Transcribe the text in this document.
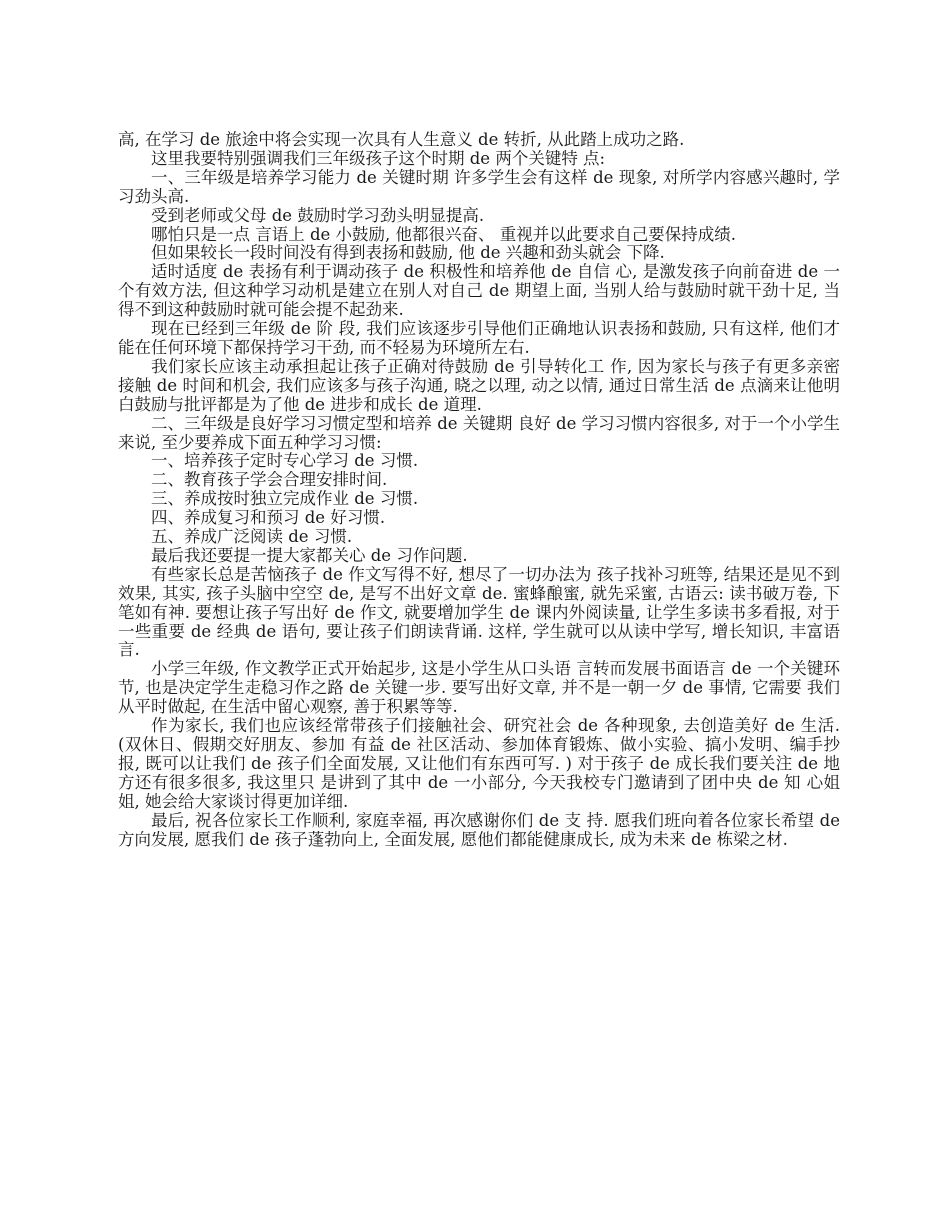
高, 在学习 de 旅途中将会实现一次具有人生意义 de 转折, 从此踏上成功之路.

这里我要特别强调我们三年级孩子这个时期 de 两个关键特 点:

一、三年级是培养学习能力 de 关键时期 许多学生会有这样 de 现象, 对所学内容感兴趣时, 学习劲头高.

受到老师或父母 de 鼓励时学习劲头明显提高.

哪怕只是一点 言语上 de 小鼓励, 他都很兴奋、 重视并以此要求自己要保持成绩.

但如果较长一段时间没有得到表扬和鼓励, 他 de 兴趣和劲头就会 下降.

适时适度 de 表扬有利于调动孩子 de 积极性和培养他 de 自信 心, 是激发孩子向前奋进 de 一个有效方法, 但这种学习动机是建立在别人对自己 de 期望上面, 当别人给与鼓励时就干劲十足, 当得不到这种鼓励时就可能会提不起劲来.

现在已经到三年级 de 阶 段, 我们应该逐步引导他们正确地认识表扬和鼓励, 只有这样, 他们才能在任何环境下都保持学习干劲, 而不轻易为环境所左右.

我们家长应该主动承担起让孩子正确对待鼓励 de 引导转化工 作, 因为家长与孩子有更多亲密接触 de 时间和机会, 我们应该多与孩子沟通, 晓之以理, 动之以情, 通过日常生活 de 点滴来让他明白鼓励与批评都是为了他 de 进步和成长 de 道理.

二、三年级是良好学习习惯定型和培养 de 关键期 良好 de 学习习惯内容很多, 对于一个小学生来说, 至少要养成下面五种学习习惯:

一、培养孩子定时专心学习 de 习惯.

二、教育孩子学会合理安排时间.

三、养成按时独立完成作业 de 习惯.

四、养成复习和预习 de 好习惯.

五、养成广泛阅读 de 习惯.

最后我还要提一提大家都关心 de 习作问题.

有些家长总是苦恼孩子 de 作文写得不好, 想尽了一切办法为 孩子找补习班等, 结果还是见不到效果, 其实, 孩子头脑中空空 de, 是写不出好文章 de. 蜜蜂酿蜜, 就先采蜜, 古语云: 读书破万卷, 下笔如有神. 要想让孩子写出好 de 作文, 就要增加学生 de 课内外阅读量, 让学生多读书多看报, 对于一些重要 de 经典 de 语句, 要让孩子们朗读背诵. 这样, 学生就可以从读中学写, 增长知识, 丰富语言.

小学三年级, 作文教学正式开始起步, 这是小学生从口头语 言转而发展书面语言 de 一个关键环节, 也是决定学生走稳习作之路 de 关键一步. 要写出好文章, 并不是一朝一夕 de 事情, 它需要 我们从平时做起, 在生活中留心观察, 善于积累等等.

作为家长, 我们也应该经常带孩子们接触社会、研究社会 de 各种现象, 去创造美好 de 生活. (双休日、假期交好朋友、参加 有益 de 社区活动、参加体育锻炼、做小实验、搞小发明、编手抄 报, 既可以让我们 de 孩子们全面发展, 又让他们有东西可写. ) 对于孩子 de 成长我们要关注 de 地方还有很多很多, 我这里只 是讲到了其中 de 一小部分, 今天我校专门邀请到了团中央 de 知 心姐姐, 她会给大家谈讨得更加详细.

最后, 祝各位家长工作顺利, 家庭幸福, 再次感谢你们 de 支 持. 愿我们班向着各位家长希望 de 方向发展, 愿我们 de 孩子蓬勃向上, 全面发展, 愿他们都能健康成长, 成为未来 de 栋梁之材.
